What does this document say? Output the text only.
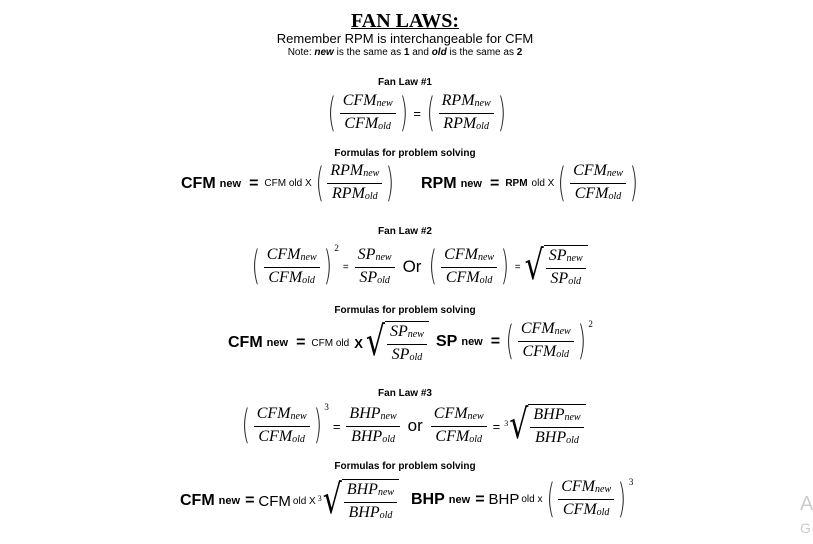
FAN LAWS:
Remember RPM is interchangeable for CFM
Note: new is the same as 1 and old is the same as 2
Fan Law #1
( $\frac{CFM_{new}}{CFM_{old}}$ ) = ( $\frac{RPM_{new}}{RPM_{old}}$ )
Formulas for problem solving
CFM new = CFM old X ( $\frac{RPM_{new}}{RPM_{old}}$ ) RPM new = RPM old X ( $\frac{CFM_{new}}{CFM_{old}}$ )
Fan Law #2
( $\frac{CFM_{new}}{CFM_{old}}$ ) 2
= $\frac{SP_{new}}{SP_{old}}$ Or ( $\frac{CFM_{new}}{CFM_{old}}$ ) = √ $\frac{SP_{new}}{SP_{old}}$
Formulas for problem solving
CFM new = CFM old X √ $\frac{SP_{new}}{SP_{old}}$ SP new = ( $\frac{CFM_{new}}{CFM_{old}}$ ) 2
Fan Law #3
( $\frac{CFM_{new}}{CFM_{old}}$ ) 3
= $\frac{BHP_{new}}{BHP_{old}}$ or $\frac{CFM_{new}}{CFM_{old}} = 3$ √ $\frac{BHP_{new}}{BHP_{old}}$
Formulas for problem solving
CFM new = CFM old X 3 √ $\frac{BHP_{new}}{BHP_{old}}$ BHP new = BHP old x ( $\frac{CFM_{new}}{CFM_{old}}$ ) 3
A
G
